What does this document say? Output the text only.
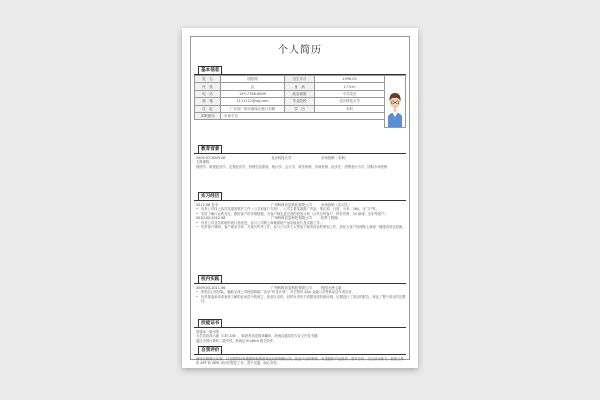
个人简历
基本信息
姓　名	图拓网	出生年月	1996.05
民　族	汉	身　高	177cm
电　话	159-7788-8899	政治面貌	中共党员
邮　箱	1111111@qq.com	毕业院校	北京科技大学
住　址	广东省广州市海珠区港口东路	学　历	本科
求职意向	市场专员		
教育背景
2005.07-2009.06	北京科技大学	市场营销（本科）
主修课程：
管理学、微观经济学、宏观经济学、管理信息系统、统计学、会计学、财务管理、市场营销、经济法、消费者行为学、国际市场营销
实习经历
2012-08 至今	广州科科信息科技有限公司	市场营销（实习生）
• 负责公司线上线员渠道的维护工作（公共和客户方面），公司主要渠道推广内容，策汇源、百度、小米、360、百门户等。
• 实时了解行业的变化，跟踪客户的详细数据，为客户制定更完善的投放计划（合作过的客户，拼好货网、54 商城、京东等客户）
2010.03-2012.08	广州科科信息科技有限公司	软件工程师
• 负责公司业务系统的设计及改进，参与公司网上商城系统产品功能设计及实施工作。
• 负责客户调研、客户需求分析、方案写作等工作，参与公司多个大型电子商务项目的策划工作，担任大客户经理网上商城一期建设项目经理。
校内实践
2009.03-2011.06	广州科科信息科技有限公司	校园大使主席
• 带领自己的团队，辅助完成公司校园的推广活动“快龙计划”，历史校内 ASA 金融公司赞助活动专项宣传，
• 负责挑选和培训表现了解的业场员中的独立，宿舍区宣传，同时负责有关话题宣传的和协调，后期进行了项目的报告。保证了整个项目的完整性。
技能证书
普通话一级甲等
大学英语四六级（CET-4/6），能熟悉英语简单翻译，熟练沟通英语专业文件及书籍；
通过全国计算机二级考试，熟练运用 office 相关软件。
自我评价
深谙互联网云从事，对互联网持有极强的敏感度和良好的理解认知，热爱产品的策划，有很强的产品规划、需求分析、交互设计能力，能独立承担 APP 和 WEB 项目的管控工作，善于沟通，耐心所作。
